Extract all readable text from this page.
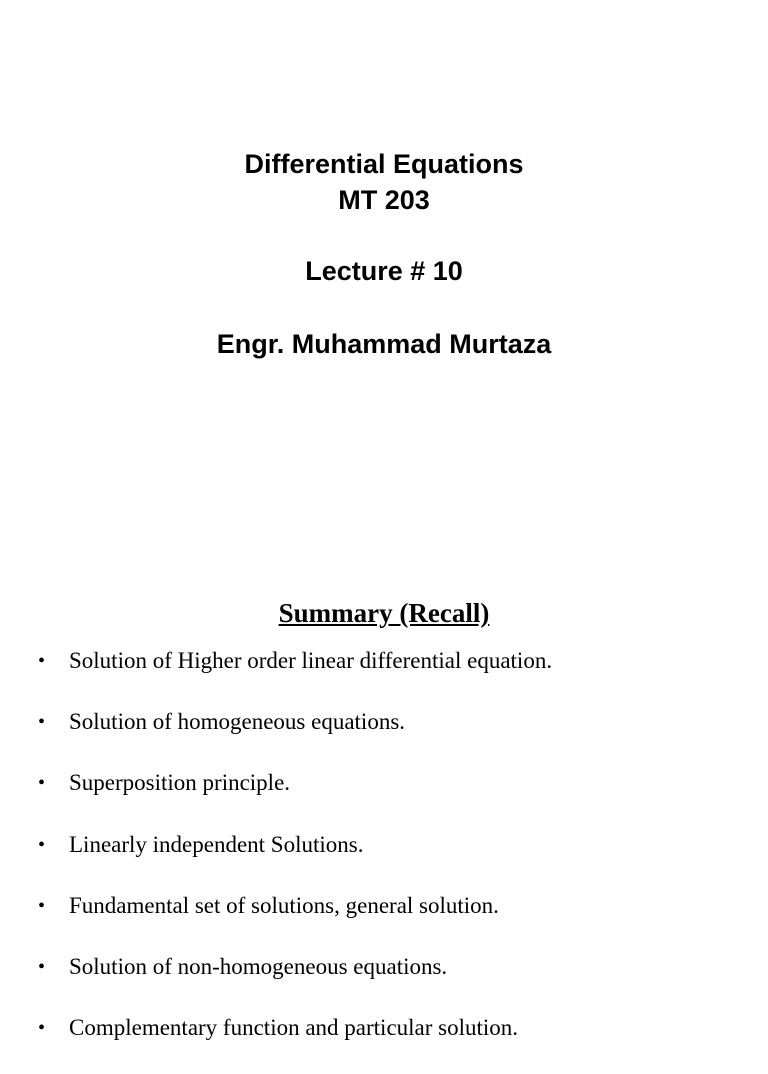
Differential Equations
MT 203
Lecture # 10
Engr. Muhammad Murtaza
Summary (Recall)
• Solution of Higher order linear differential equation.
• Solution of homogeneous equations.
• Superposition principle.
• Linearly independent Solutions.
• Fundamental set of solutions, general solution.
• Solution of non-homogeneous equations.
• Complementary function and particular solution.
